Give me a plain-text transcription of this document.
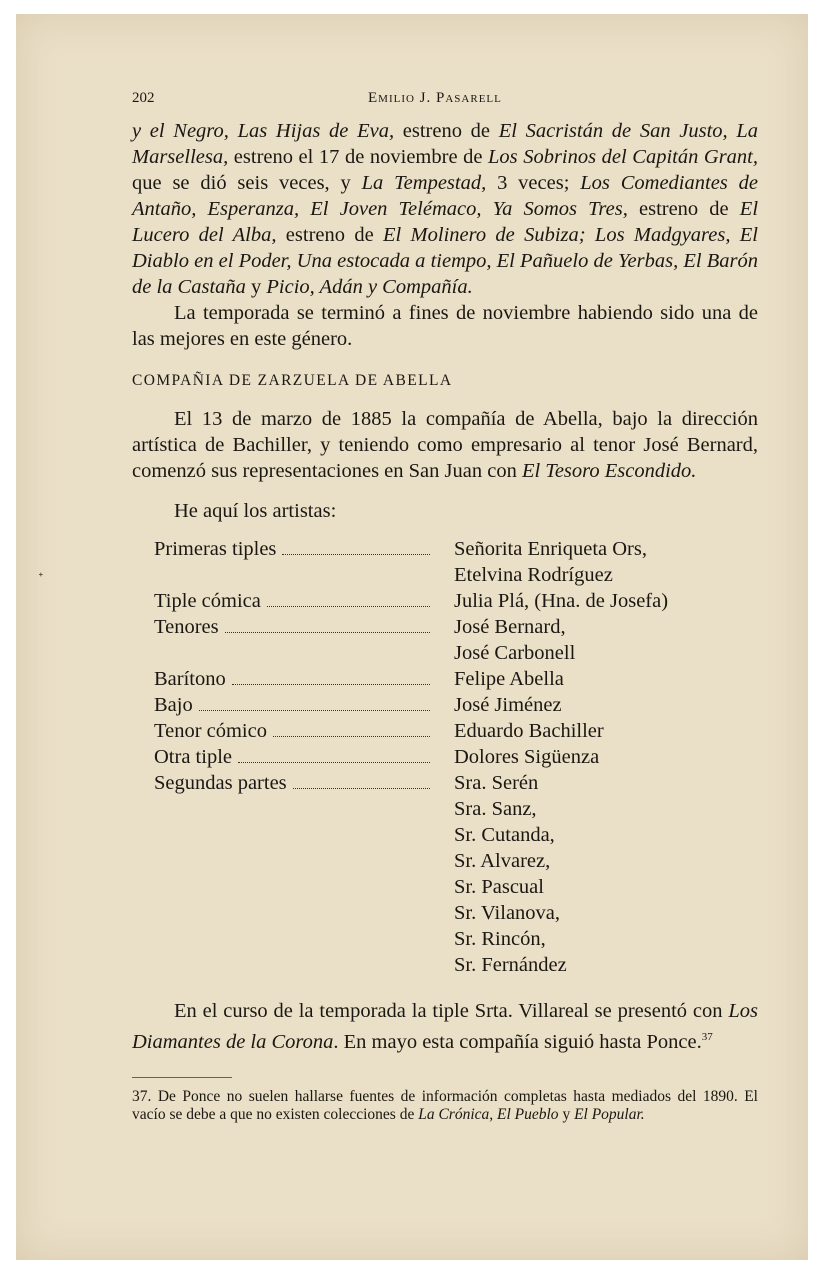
ᐩ
202	Emilio J. Pasarell

y el Negro, Las Hijas de Eva, estreno de El Sacristán de San Justo, La Marsellesa, estreno el 17 de noviembre de Los Sobrinos del Capitán Grant, que se dió seis veces, y La Tempestad, 3 veces; Los Comediantes de Antaño, Esperanza, El Joven Telémaco, Ya Somos Tres, estreno de El Lucero del Alba, estreno de El Molinero de Subiza; Los Madgyares, El Diablo en el Poder, Una estocada a tiempo, El Pañuelo de Yerbas, El Barón de la Castaña y Picio, Adán y Compañía.

La temporada se terminó a fines de noviembre habiendo sido una de las mejores en este género.

COMPAÑIA DE ZARZUELA DE ABELLA

El 13 de marzo de 1885 la compañía de Abella, bajo la dirección artística de Bachiller, y teniendo como empresario al tenor José Bernard, comenzó sus representaciones en San Juan con El Tesoro Escondido.

He aquí los artistas:

Primeras tiples	Señorita Enriqueta Ors,
	Etelvina Rodríguez

Tiple cómica	Julia Plá, (Hna. de Josefa)

Tenores	José Bernard,
	José Carbonell

Barítono	Felipe Abella

Bajo	José Jiménez

Tenor cómico	Eduardo Bachiller

Otra tiple	Dolores Sigüenza

Segundas partes	Sra. Serén
	Sra. Sanz,
	Sr. Cutanda,
	Sr. Alvarez,
	Sr. Pascual
	Sr. Vilanova,
	Sr. Rincón,
	Sr. Fernández

En el curso de la temporada la tiple Srta. Villareal se presentó con Los Diamantes de la Corona. En mayo esta compañía siguió hasta Ponce.$^{37}$

37. De Ponce no suelen hallarse fuentes de información completas hasta mediados del 1890. El vacío se debe a que no existen colecciones de La Crónica, El Pueblo y El Popular.
